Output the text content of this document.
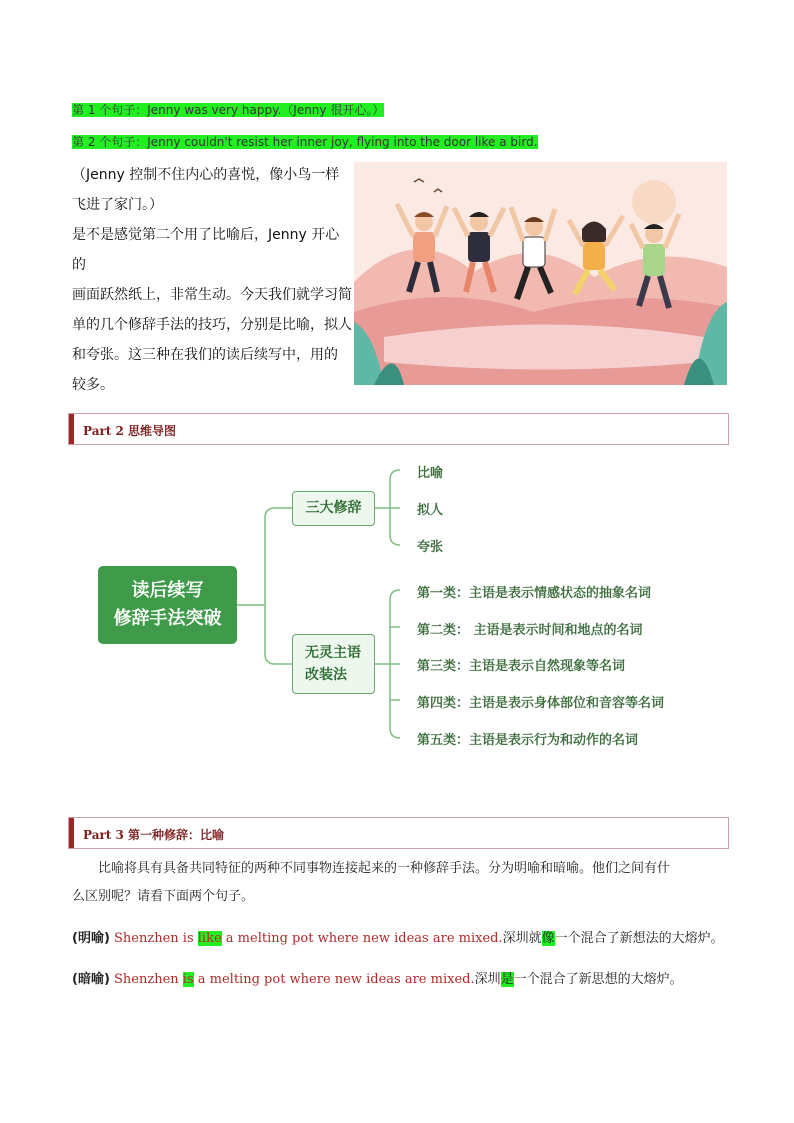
第 1 个句子：Jenny was very happy.（Jenny 很开心。）
第 2 个句子：Jenny couldn't resist her inner joy, flying into the door like a bird.
（Jenny 控制不住内心的喜悦，像小鸟一样
飞进了家门。）
是不是感觉第二个用了比喻后，Jenny 开心的
画面跃然纸上，非常生动。今天我们就学习简
单的几个修辞手法的技巧，分别是比喻，拟人
和夸张。这三种在我们的读后续写中，用的
较多。
Part 2 思维导图
读后续写
修辞手法突破
三大修辞
无灵主语
改装法
比喻
拟人
夸张
第一类：主语是表示情感状态的抽象名词
第二类： 主语是表示时间和地点的名词
第三类：主语是表示自然现象等名词
第四类：主语是表示身体部位和音容等名词
第五类：主语是表示行为和动作的名词
Part 3 第一种修辞：比喻
比喻将具有具备共同特征的两种不同事物连接起来的一种修辞手法。分为明喻和暗喻。他们之间有什
么区别呢？请看下面两个句子。
(明喻) Shenzhen is like a melting pot where new ideas are mixed.深圳就像一个混合了新想法的大熔炉。
(暗喻) Shenzhen is a melting pot where new ideas are mixed.深圳是一个混合了新思想的大熔炉。
